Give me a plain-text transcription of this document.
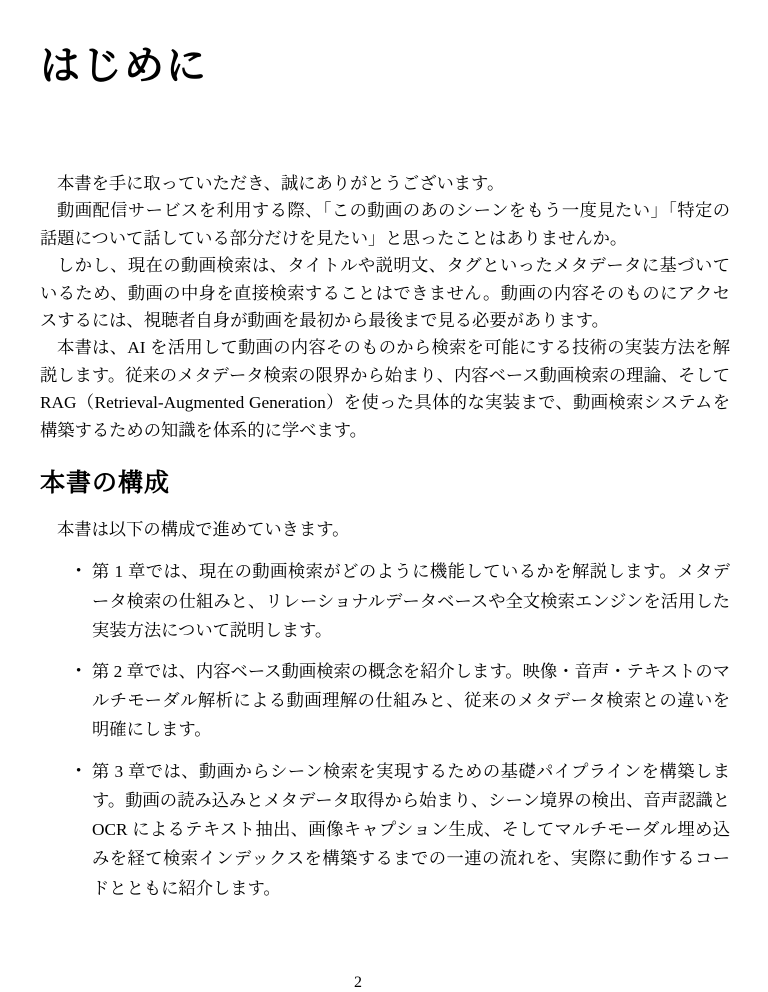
はじめに

本書を手に取っていただき、誠にありがとうございます。

動画配信サービスを利用する際、「この動画のあのシーンをもう一度見たい」「特定の話題について話している部分だけを見たい」と思ったことはありませんか。

しかし、現在の動画検索は、タイトルや説明文、タグといったメタデータに基づいているため、動画の中身を直接検索することはできません。動画の内容そのものにアクセスするには、視聴者自身が動画を最初から最後まで見る必要があります。

本書は、AI を活用して動画の内容そのものから検索を可能にする技術の実装方法を解説します。従来のメタデータ検索の限界から始まり、内容ベース動画検索の理論、そして RAG（Retrieval-Augmented Generation）を使った具体的な実装まで、動画検索システムを構築するための知識を体系的に学べます。

本書の構成

本書は以下の構成で進めていきます。

• 第 1 章では、現在の動画検索がどのように機能しているかを解説します。メタデータ検索の仕組みと、リレーショナルデータベースや全文検索エンジンを活用した実装方法について説明します。
• 第 2 章では、内容ベース動画検索の概念を紹介します。映像・音声・テキストのマルチモーダル解析による動画理解の仕組みと、従来のメタデータ検索との違いを明確にします。
• 第 3 章では、動画からシーン検索を実現するための基礎パイプラインを構築します。動画の読み込みとメタデータ取得から始まり、シーン境界の検出、音声認識と OCR によるテキスト抽出、画像キャプション生成、そしてマルチモーダル埋め込みを経て検索インデックスを構築するまでの一連の流れを、実際に動作するコードとともに紹介します。
2
